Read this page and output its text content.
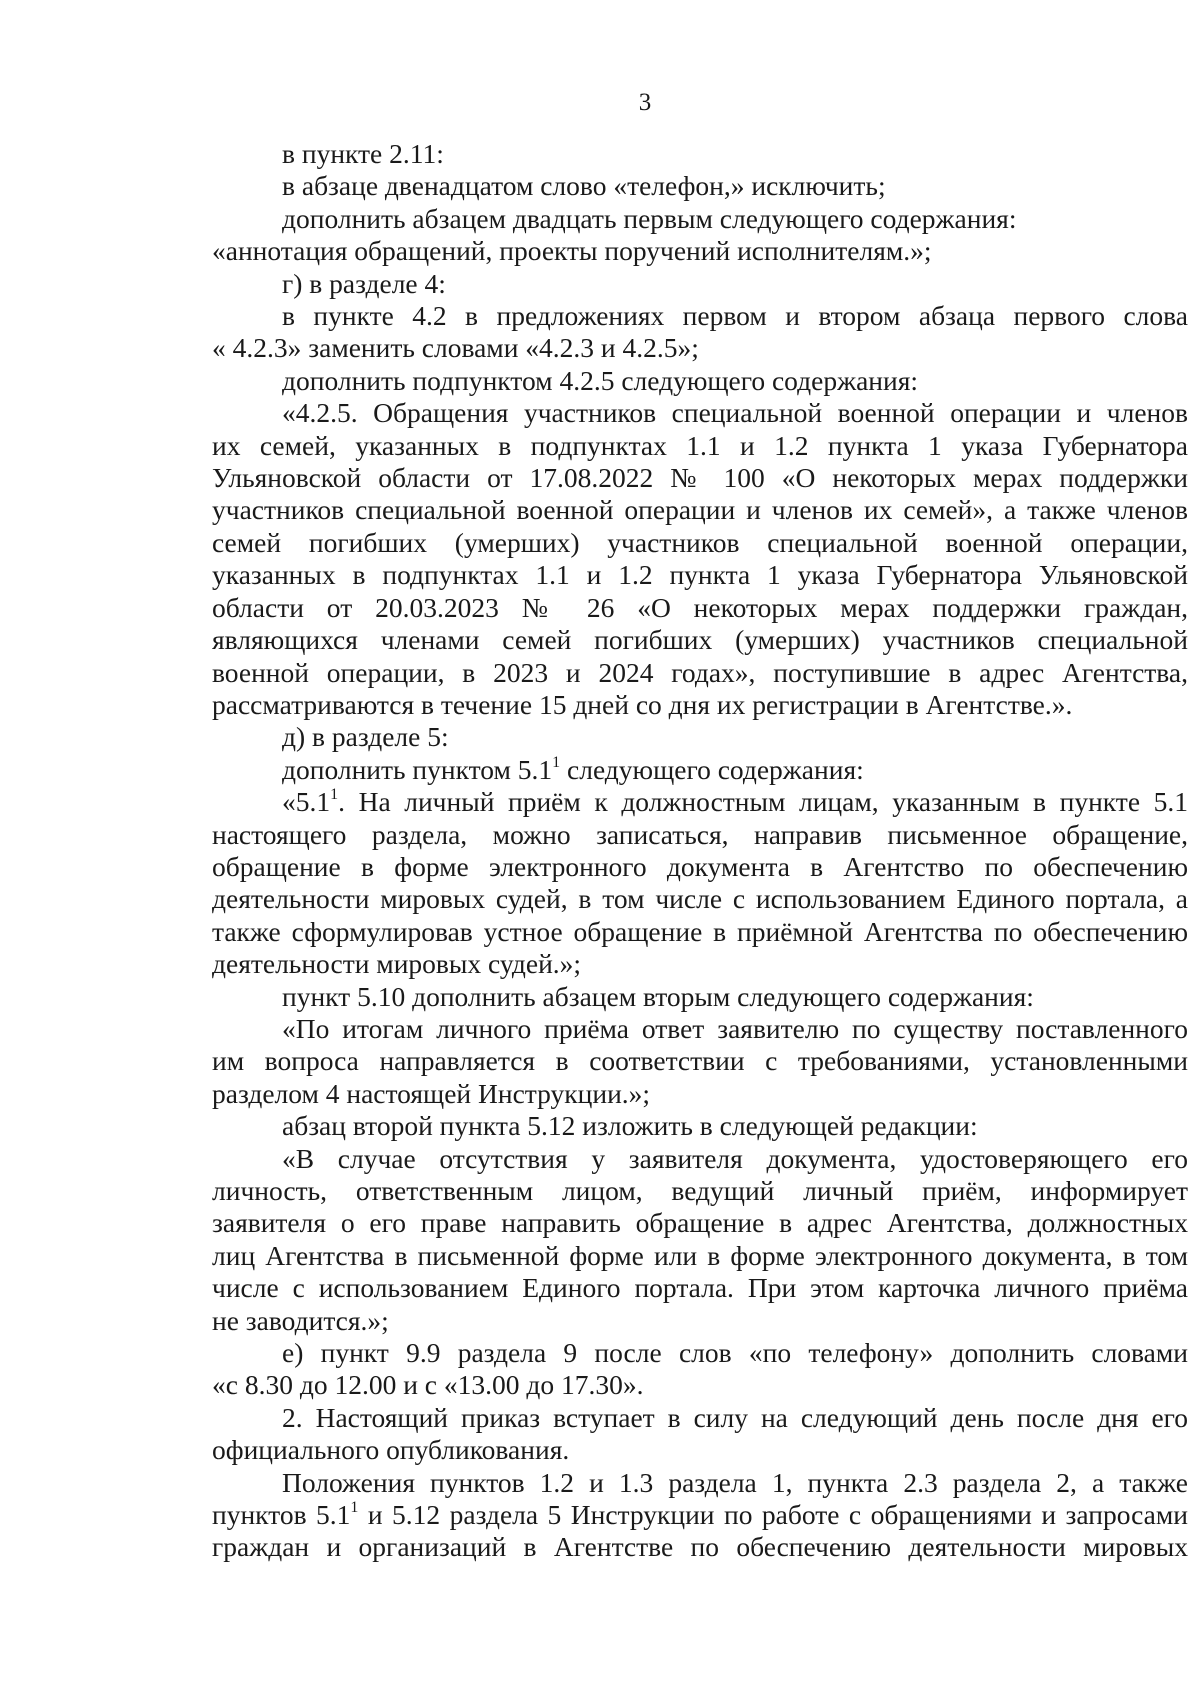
3

в пункте 2.11:

в абзаце двенадцатом слово «телефон,» исключить;

дополнить абзацем двадцать первым следующего содержания:

«аннотация обращений, проекты поручений исполнителям.»;

г) в разделе 4:

в пункте 4.2 в предложениях первом и втором абзаца первого слова

« 4.2.3» заменить словами «4.2.3 и 4.2.5»;

дополнить подпунктом 4.2.5 следующего содержания:

«4.2.5. Обращения участников специальной военной операции и членов

их семей, указанных в подпунктах 1.1 и 1.2 пункта 1 указа Губернатора

Ульяновской области от 17.08.2022 № 100 «О некоторых мерах поддержки

участников специальной военной операции и членов их семей», а также членов

семей погибших (умерших) участников специальной военной операции,

указанных в подпунктах 1.1 и 1.2 пункта 1 указа Губернатора Ульяновской

области от 20.03.2023 № 26 «О некоторых мерах поддержки граждан,

являющихся членами семей погибших (умерших) участников специальной

военной операции, в 2023 и 2024 годах», поступившие в адрес Агентства,

рассматриваются в течение 15 дней со дня их регистрации в Агентстве.».

д) в разделе 5:

дополнить пунктом $5.1^1$ следующего содержания:

«$5.1^1$. На личный приём к должностным лицам, указанным в пункте 5.1

настоящего раздела, можно записаться, направив письменное обращение,

обращение в форме электронного документа в Агентство по обеспечению

деятельности мировых судей, в том числе с использованием Единого портала, а

также сформулировав устное обращение в приёмной Агентства по обеспечению

деятельности мировых судей.»;

пункт 5.10 дополнить абзацем вторым следующего содержания:

«По итогам личного приёма ответ заявителю по существу поставленного

им вопроса направляется в соответствии с требованиями, установленными

разделом 4 настоящей Инструкции.»;

абзац второй пункта 5.12 изложить в следующей редакции:

«В случае отсутствия у заявителя документа, удостоверяющего его

личность, ответственным лицом, ведущий личный приём, информирует

заявителя о его праве направить обращение в адрес Агентства, должностных

лиц Агентства в письменной форме или в форме электронного документа, в том

числе с использованием Единого портала. При этом карточка личного приёма

не заводится.»;

е) пункт 9.9 раздела 9 после слов «по телефону» дополнить словами

«с 8.30 до 12.00 и с «13.00 до 17.30».

2. Настоящий приказ вступает в силу на следующий день после дня его

официального опубликования.

Положения пунктов 1.2 и 1.3 раздела 1, пункта 2.3 раздела 2, а также

пунктов $5.1^1$ и 5.12 раздела 5 Инструкции по работе с обращениями и запросами

граждан и организаций в Агентстве по обеспечению деятельности мировых
